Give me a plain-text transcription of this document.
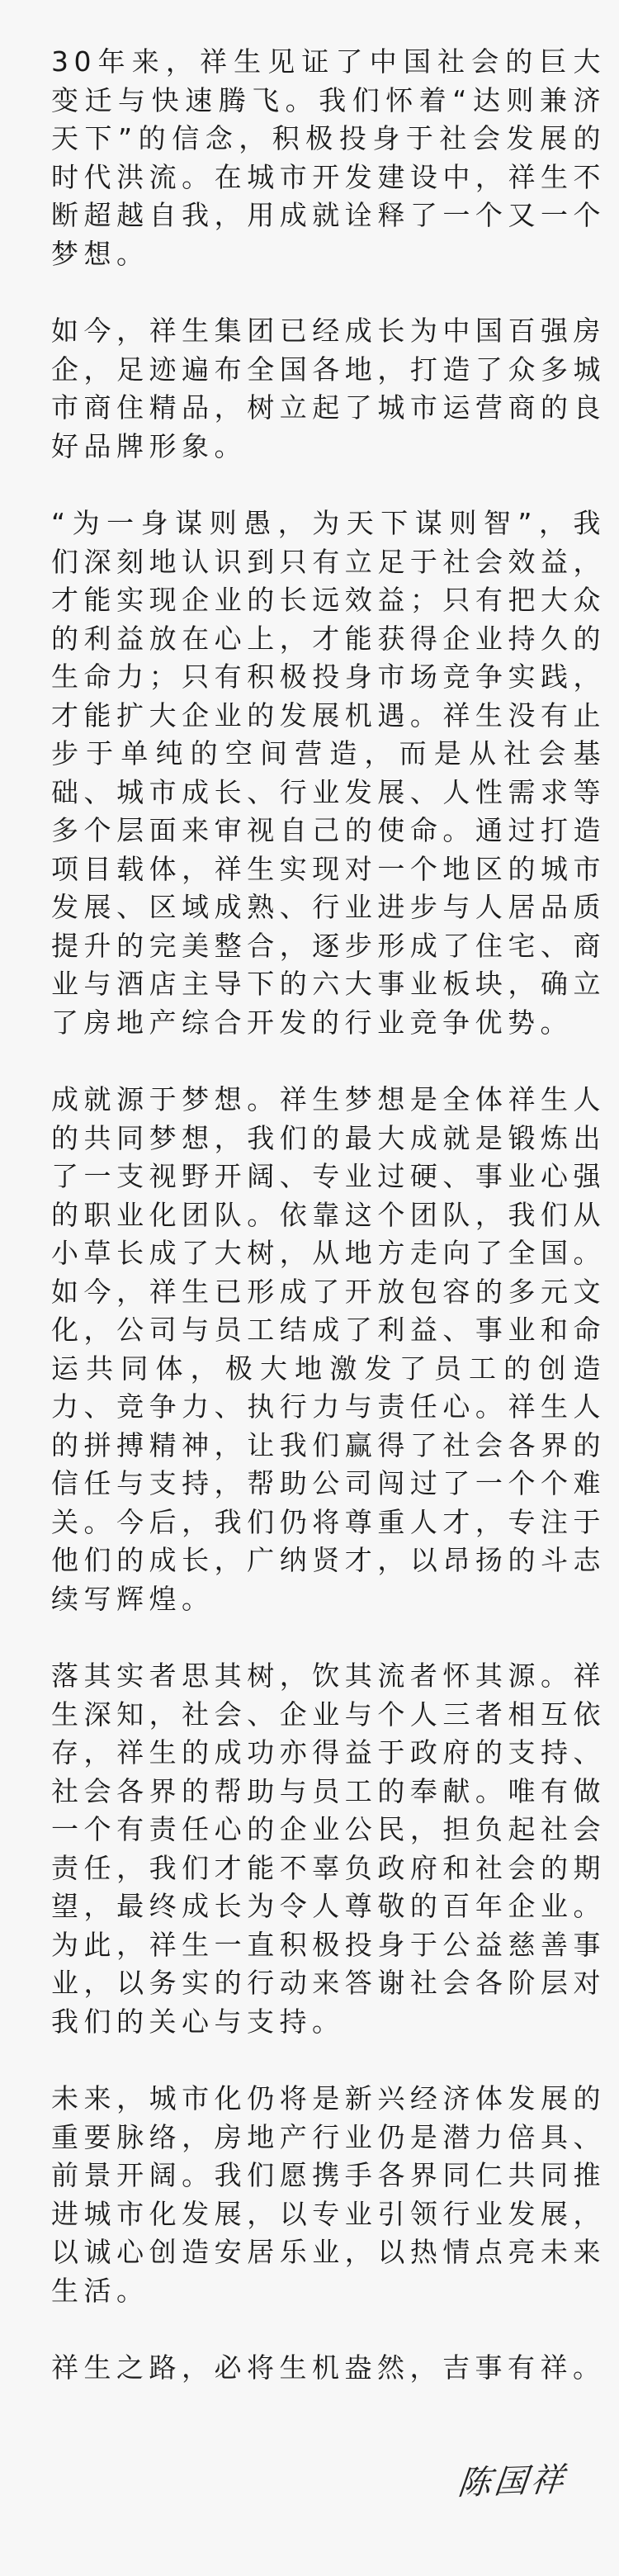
30年来，祥生见证了中国社会的巨大变迁与快速腾飞。我们怀着“达则兼济天下”的信念，积极投身于社会发展的时代洪流。在城市开发建设中，祥生不断超越自我，用成就诠释了一个又一个梦想。

如今，祥生集团已经成长为中国百强房企，足迹遍布全国各地，打造了众多城市商住精品，树立起了城市运营商的良好品牌形象。

“为一身谋则愚，为天下谋则智”，我们深刻地认识到只有立足于社会效益，才能实现企业的长远效益；只有把大众的利益放在心上，才能获得企业持久的生命力；只有积极投身市场竞争实践，才能扩大企业的发展机遇。祥生没有止步于单纯的空间营造，而是从社会基础、城市成长、行业发展、人性需求等多个层面来审视自己的使命。通过打造项目载体，祥生实现对一个地区的城市发展、区域成熟、行业进步与人居品质提升的完美整合，逐步形成了住宅、商业与酒店主导下的六大事业板块，确立了房地产综合开发的行业竞争优势。

成就源于梦想。祥生梦想是全体祥生人的共同梦想，我们的最大成就是锻炼出了一支视野开阔、专业过硬、事业心强的职业化团队。依靠这个团队，我们从小草长成了大树，从地方走向了全国。如今，祥生已形成了开放包容的多元文化，公司与员工结成了利益、事业和命运共同体，极大地激发了员工的创造力、竞争力、执行力与责任心。祥生人的拼搏精神，让我们赢得了社会各界的信任与支持，帮助公司闯过了一个个难关。今后，我们仍将尊重人才，专注于他们的成长，广纳贤才，以昂扬的斗志续写辉煌。

落其实者思其树，饮其流者怀其源。祥生深知，社会、企业与个人三者相互依存，祥生的成功亦得益于政府的支持、社会各界的帮助与员工的奉献。唯有做一个有责任心的企业公民，担负起社会责任，我们才能不辜负政府和社会的期望，最终成长为令人尊敬的百年企业。为此，祥生一直积极投身于公益慈善事业，以务实的行动来答谢社会各阶层对我们的关心与支持。

未来，城市化仍将是新兴经济体发展的重要脉络，房地产行业仍是潜力倍具、前景开阔。我们愿携手各界同仁共同推进城市化发展，以专业引领行业发展，以诚心创造安居乐业，以热情点亮未来生活。

祥生之路，必将生机盎然，吉事有祥。

陈国祥
